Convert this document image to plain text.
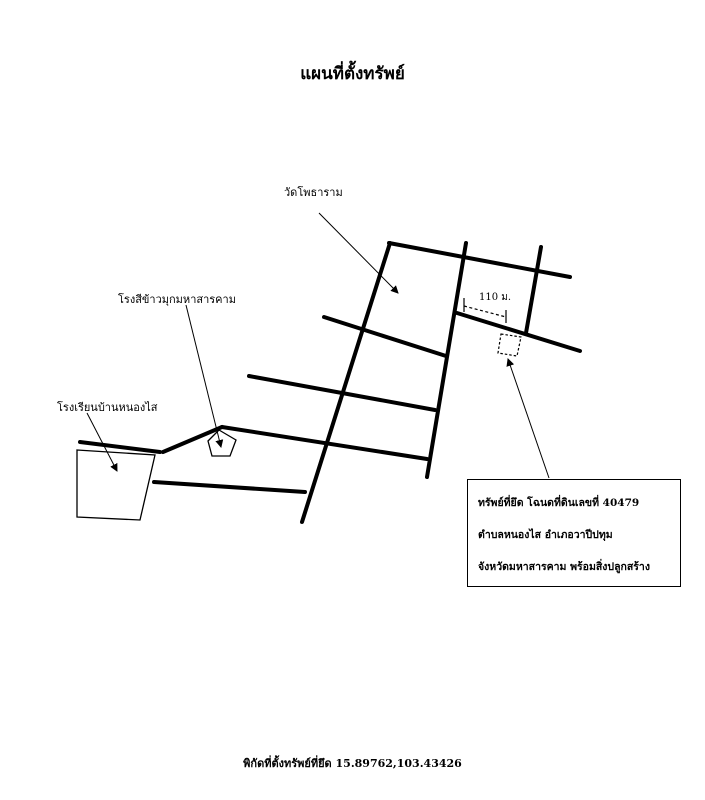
แผนที่ตั้งทรัพย์
วัดโพธาราม
โรงสีข้าวมุกมหาสารคาม
โรงเรียนบ้านหนองไส
110 ม.
ทรัพย์ที่ยึด โฉนดที่ดินเลขที่ 40479
ตำบลหนองไส อำเภอวาปีปทุม
จังหวัดมหาสารคาม พร้อมสิ่งปลูกสร้าง
พิกัดที่ตั้งทรัพย์ที่ยึด 15.89762,103.43426
